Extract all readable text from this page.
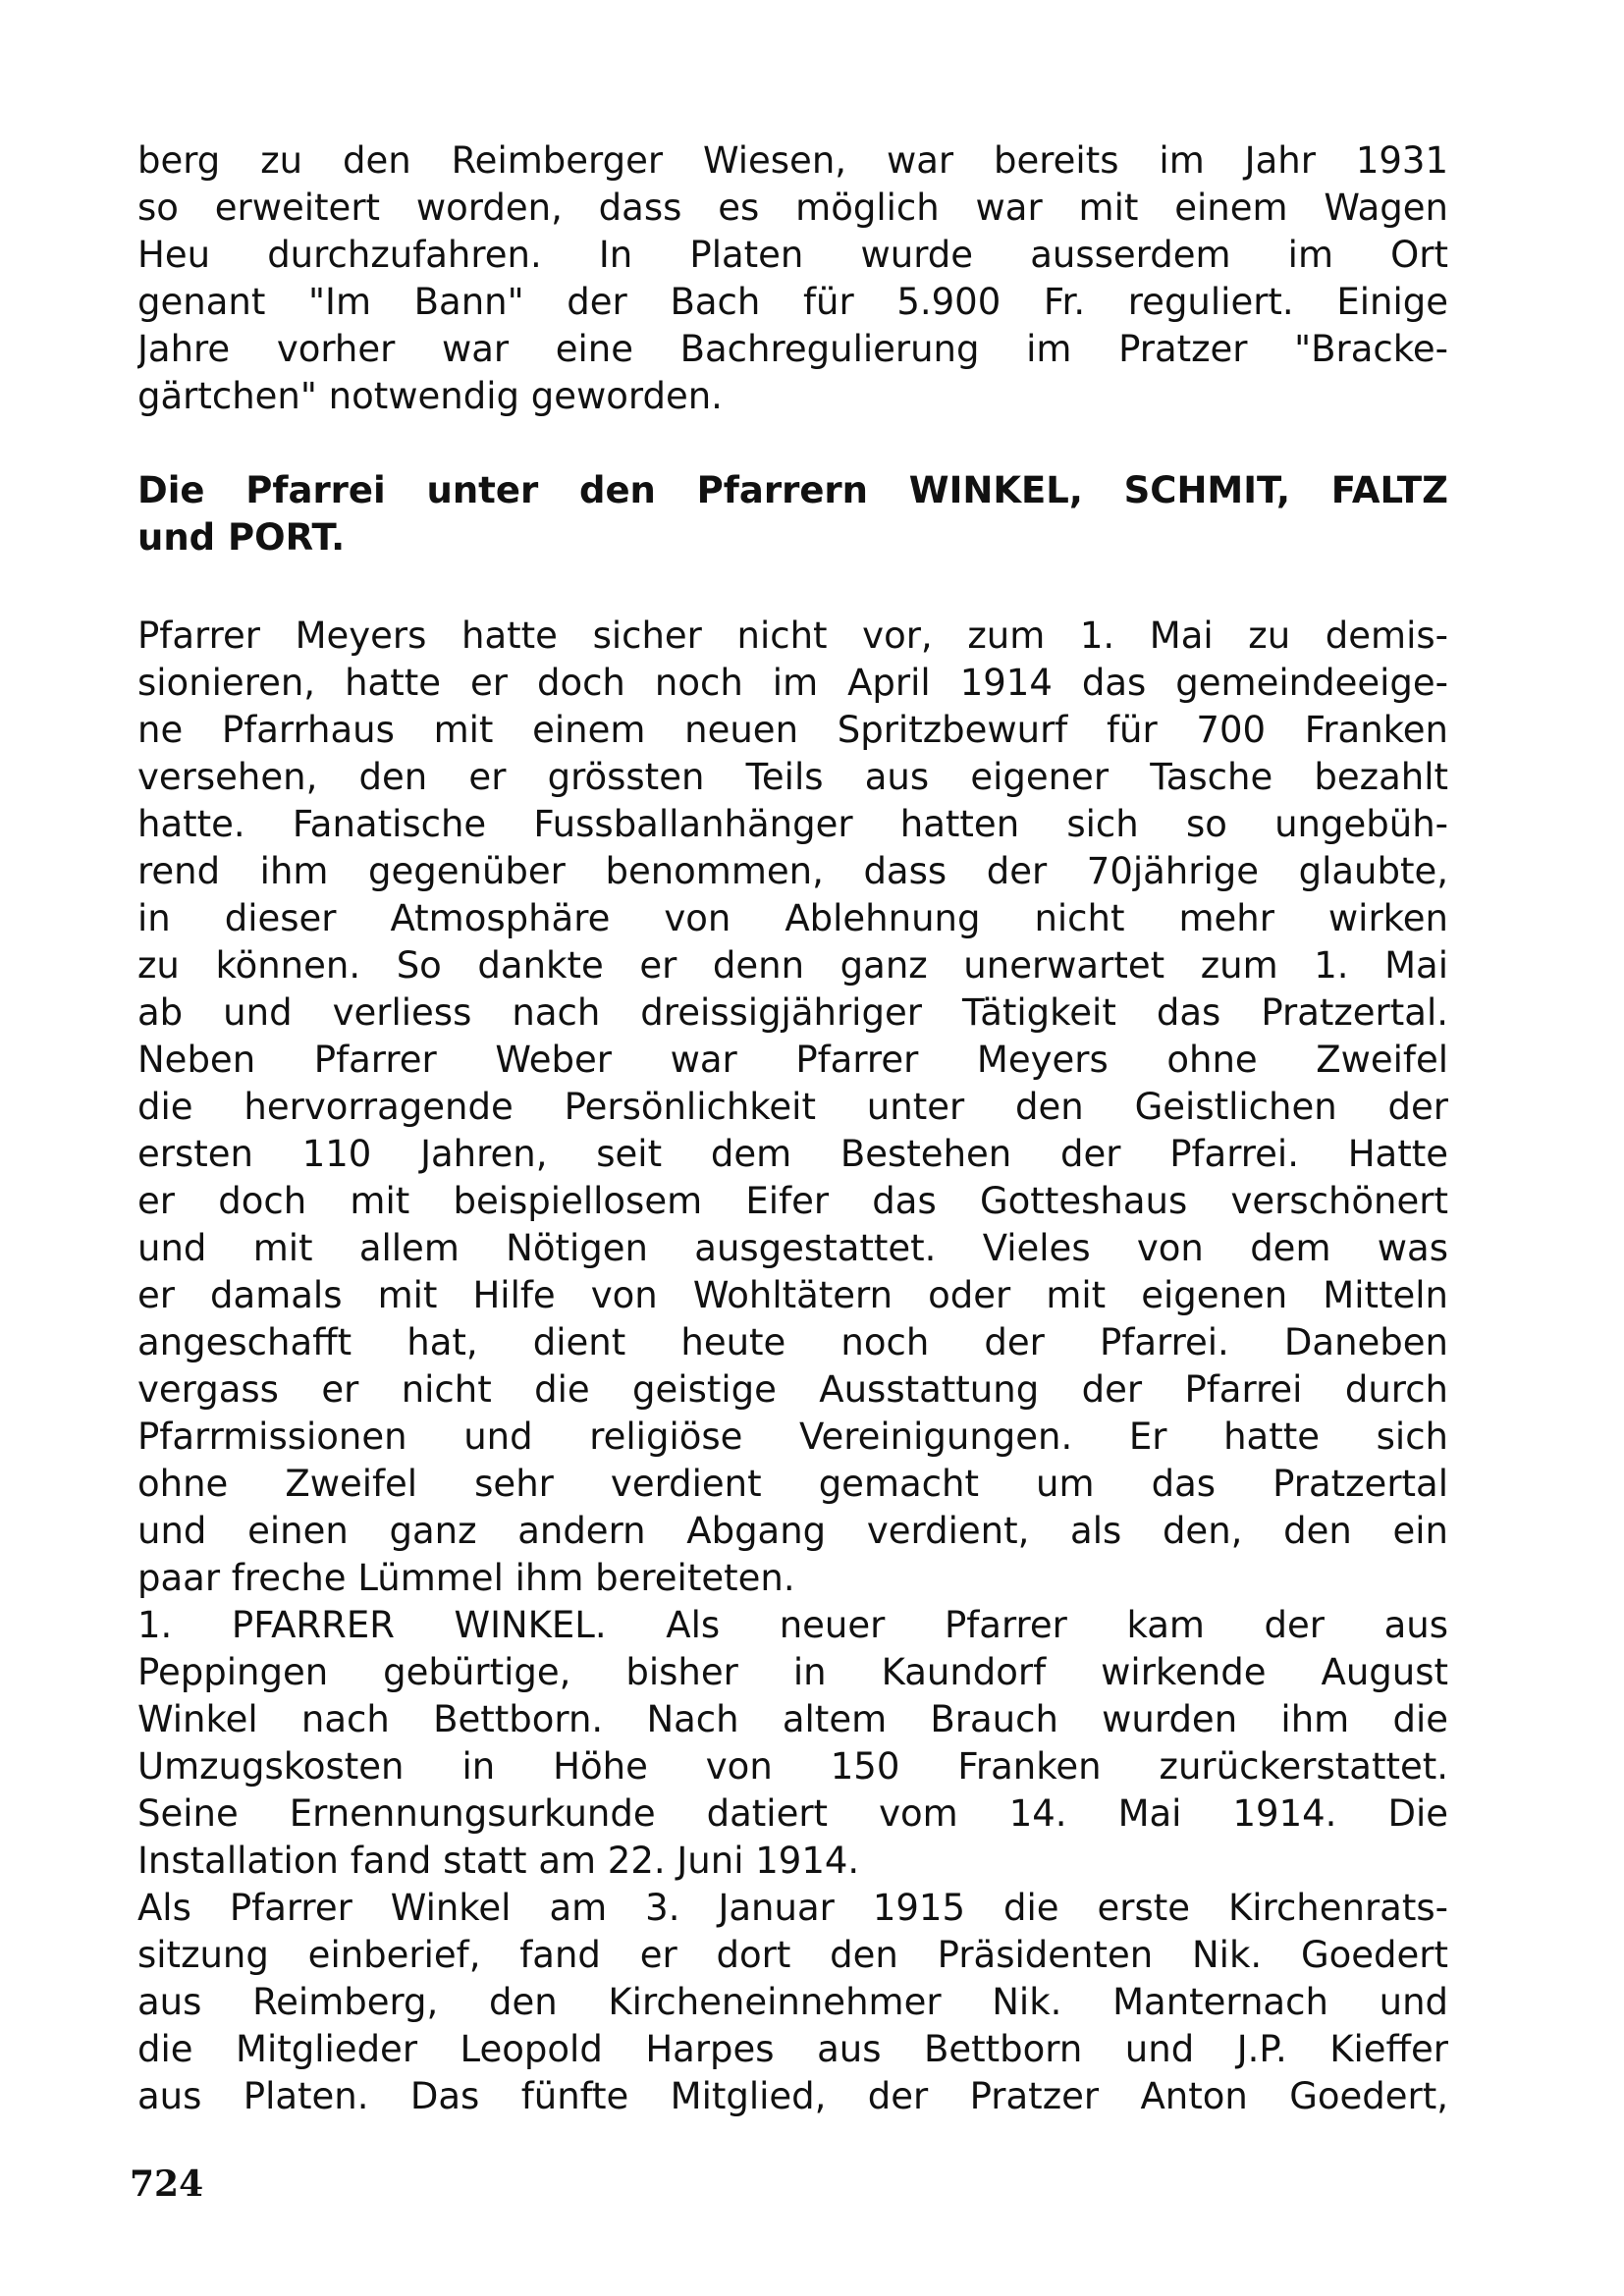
berg zu den Reimberger Wiesen, war bereits im Jahr 1931
so erweitert worden, dass es möglich war mit einem Wagen
Heu durchzufahren. In Platen wurde ausserdem im Ort
genant "Im Bann" der Bach für 5.900 Fr. reguliert. Einige
Jahre vorher war eine Bachregulierung im Pratzer "Bracke-
gärtchen" notwendig geworden.
Die Pfarrei unter den Pfarrern WINKEL, SCHMIT, FALTZ
und PORT.
Pfarrer Meyers hatte sicher nicht vor, zum 1. Mai zu demis-
sionieren, hatte er doch noch im April 1914 das gemeindeeige-
ne Pfarrhaus mit einem neuen Spritzbewurf für 700 Franken
versehen, den er grössten Teils aus eigener Tasche bezahlt
hatte. Fanatische Fussballanhänger hatten sich so ungebüh-
rend ihm gegenüber benommen, dass der 70jährige glaubte,
in dieser Atmosphäre von Ablehnung nicht mehr wirken
zu können. So dankte er denn ganz unerwartet zum 1. Mai
ab und verliess nach dreissigjähriger Tätigkeit das Pratzertal.
Neben Pfarrer Weber war Pfarrer Meyers ohne Zweifel
die hervorragende Persönlichkeit unter den Geistlichen der
ersten 110 Jahren, seit dem Bestehen der Pfarrei. Hatte
er doch mit beispiellosem Eifer das Gotteshaus verschönert
und mit allem Nötigen ausgestattet. Vieles von dem was
er damals mit Hilfe von Wohltätern oder mit eigenen Mitteln
angeschafft hat, dient heute noch der Pfarrei. Daneben
vergass er nicht die geistige Ausstattung der Pfarrei durch
Pfarrmissionen und religiöse Vereinigungen. Er hatte sich
ohne Zweifel sehr verdient gemacht um das Pratzertal
und einen ganz andern Abgang verdient, als den, den ein
paar freche Lümmel ihm bereiteten.
1. PFARRER WINKEL. Als neuer Pfarrer kam der aus
Peppingen gebürtige, bisher in Kaundorf wirkende August
Winkel nach Bettborn. Nach altem Brauch wurden ihm die
Umzugskosten in Höhe von 150 Franken zurückerstattet.
Seine Ernennungsurkunde datiert vom 14. Mai 1914. Die
Installation fand statt am 22. Juni 1914.
Als Pfarrer Winkel am 3. Januar 1915 die erste Kirchenrats-
sitzung einberief, fand er dort den Präsidenten Nik. Goedert
aus Reimberg, den Kircheneinnehmer Nik. Manternach und
die Mitglieder Leopold Harpes aus Bettborn und J.P. Kieffer
aus Platen. Das fünfte Mitglied, der Pratzer Anton Goedert,
724
